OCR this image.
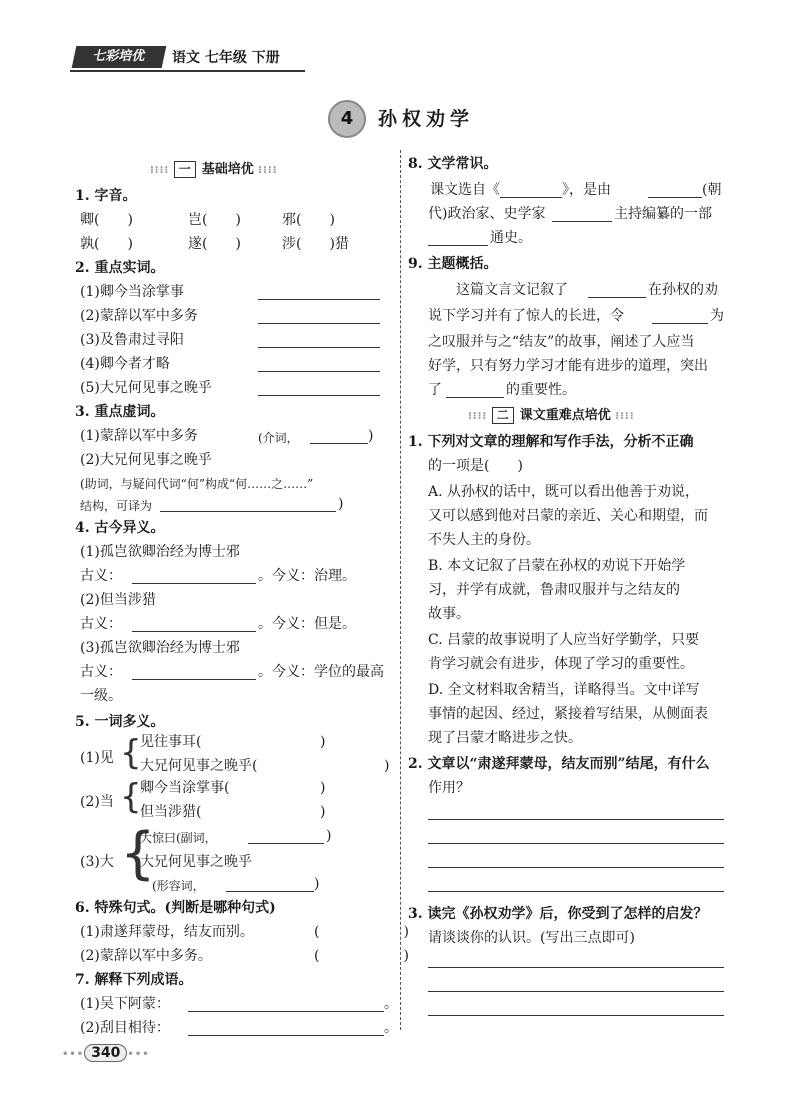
七彩培优	语文 七年级 下册
4	孙权劝学
⁝⁝⁝⁝ 一 基础培优 ⁝⁝⁝⁝
1. 字音。
卿(　　)	岂(　　)	邪(　　)
孰(　　)	遂(　　)	涉(　　)猎
2. 重点实词。
(1)卿今当涂掌事
(2)蒙辞以军中多务
(3)及鲁肃过寻阳
(4)卿今者才略
(5)大兄何见事之晚乎
3. 重点虚词。
(1)蒙辞以军中多务	(介词，	)
(2)大兄何见事之晚乎
(助词，与疑问代词“何”构成“何……之……”
结构，可译为	)
4. 古今异义。
(1)孤岂欲卿治经为博士邪
古义：	。今义：治理。
(2)但当涉猎
古义：	。今义：但是。
(3)孤岂欲卿治经为博士邪
古义：	。今义：学位的最高
一级。
5. 一词多义。
(1)见 {
见往事耳(	)
大兄何见事之晚乎(	)
(2)当 {
卿今当涂掌事(	)
但当涉猎(	)
(3)大 {
大惊曰(副词，	)
大兄何见事之晚乎
(形容词，	)
6. 特殊句式。(判断是哪种句式)
(1)肃遂拜蒙母，结友而别。	(　　　　　　)
(2)蒙辞以军中多务。	(　　　　　　)
7. 解释下列成语。
(1)吴下阿蒙：	。
(2)刮目相待：	。
8. 文学常识。
课文选自《	》，是由	(朝
代)政治家、史学家	主持编纂的一部
通史。
9. 主题概括。
这篇文言文记叙了	在孙权的劝
说下学习并有了惊人的长进，令	为
之叹服并与之“结友”的故事，阐述了人应当
好学，只有努力学习才能有进步的道理，突出
了	的重要性。
⁝⁝⁝⁝ 二 课文重难点培优 ⁝⁝⁝⁝
1. 下列对文章的理解和写作手法，分析不正确
的一项是(　　)
A. 从孙权的话中，既可以看出他善于劝说，
又可以感到他对吕蒙的亲近、关心和期望，而
不失人主的身份。
B. 本文记叙了吕蒙在孙权的劝说下开始学
习，并学有成就，鲁肃叹服并与之结友的
故事。
C. 吕蒙的故事说明了人应当好学勤学，只要
肯学习就会有进步，体现了学习的重要性。
D. 全文材料取舍精当，详略得当。文中详写
事情的起因、经过，紧接着写结果，从侧面表
现了吕蒙才略进步之快。
2. 文章以“肃遂拜蒙母，结友而别”结尾，有什么
作用？
3. 读完《孙权劝学》后，你受到了怎样的启发？
请谈谈你的认识。(写出三点即可)
••• 340 •••
